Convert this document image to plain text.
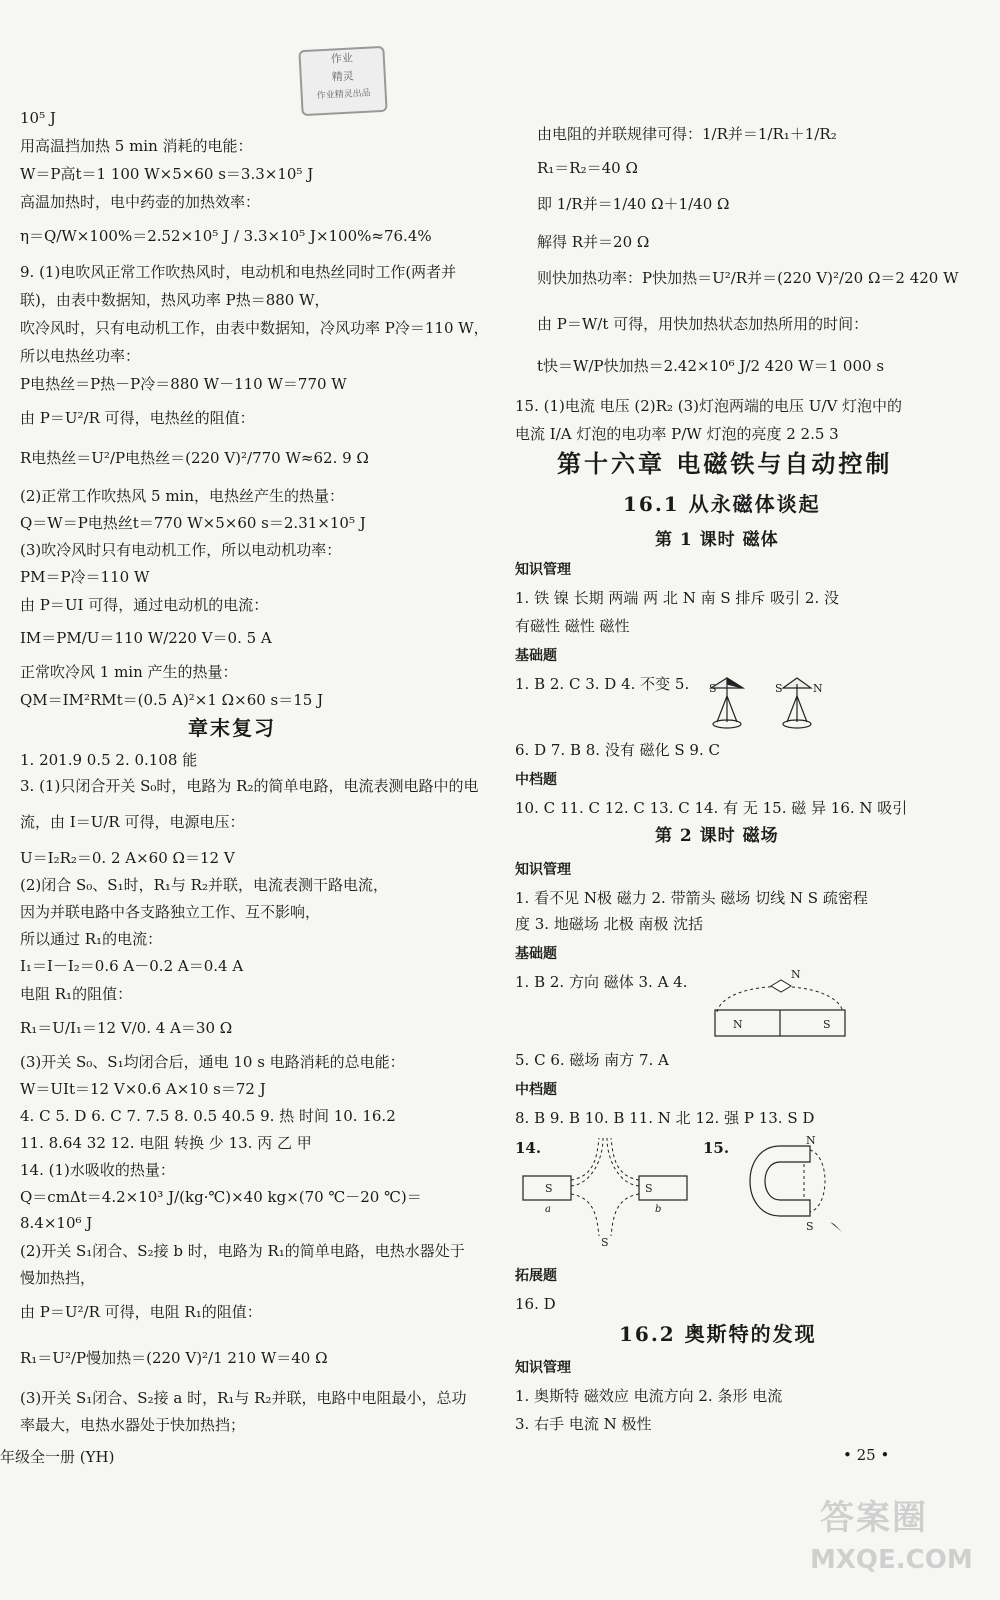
作业
精灵
作业精灵出品
10⁵ J
用高温挡加热 5 min 消耗的电能：
W＝P高t＝1 100 W×5×60 s＝3.3×10⁵ J
高温加热时，电中药壶的加热效率：
η＝Q/W×100%＝2.52×10⁵ J / 3.3×10⁵ J×100%≈76.4%
9. (1)电吹风正常工作吹热风时，电动机和电热丝同时工作(两者并
联)，由表中数据知，热风功率 P热＝880 W，
吹冷风时，只有电动机工作，由表中数据知，冷风功率 P冷＝110 W，
所以电热丝功率：
P电热丝＝P热－P冷＝880 W－110 W＝770 W
由 P＝U²/R 可得，电热丝的阻值：
R电热丝＝U²/P电热丝＝(220 V)²/770 W≈62. 9 Ω
(2)正常工作吹热风 5 min，电热丝产生的热量：
Q＝W＝P电热丝t＝770 W×5×60 s＝2.31×10⁵ J
(3)吹冷风时只有电动机工作，所以电动机功率：
PM＝P冷＝110 W
由 P＝UI 可得，通过电动机的电流：
IM＝PM/U＝110 W/220 V＝0. 5 A
正常吹冷风 1 min 产生的热量：
QM＝IM²RMt＝(0.5 A)²×1 Ω×60 s＝15 J
章末复习
1. 201.9 0.5 2. 0.108 能
3. (1)只闭合开关 S₀时，电路为 R₂的简单电路，电流表测电路中的电
流，由 I＝U/R 可得，电源电压：
U＝I₂R₂＝0. 2 A×60 Ω＝12 V
(2)闭合 S₀、S₁时，R₁与 R₂并联，电流表测干路电流，
因为并联电路中各支路独立工作、互不影响，
所以通过 R₁的电流：
I₁＝I－I₂＝0.6 A－0.2 A＝0.4 A
电阻 R₁的阻值：
R₁＝U/I₁＝12 V/0. 4 A＝30 Ω
(3)开关 S₀、S₁均闭合后，通电 10 s 电路消耗的总电能：
W＝UIt＝12 V×0.6 A×10 s＝72 J
4. C 5. D 6. C 7. 7.5 8. 0.5 40.5 9. 热 时间 10. 16.2
11. 8.64 32 12. 电阻 转换 少 13. 丙 乙 甲
14. (1)水吸收的热量：
Q＝cmΔt＝4.2×10³ J/(kg·℃)×40 kg×(70 ℃－20 ℃)＝
8.4×10⁶ J
(2)开关 S₁闭合、S₂接 b 时，电路为 R₁的简单电路，电热水器处于
慢加热挡，
由 P＝U²/R 可得，电阻 R₁的阻值：
R₁＝U²/P慢加热＝(220 V)²/1 210 W＝40 Ω
(3)开关 S₁闭合、S₂接 a 时，R₁与 R₂并联，电路中电阻最小，总功
率最大，电热水器处于快加热挡；
年级全一册 (YH)
由电阻的并联规律可得：1/R并＝1/R₁＋1/R₂
R₁＝R₂＝40 Ω
即 1/R并＝1/40 Ω＋1/40 Ω
解得 R并＝20 Ω
则快加热功率：P快加热＝U²/R并＝(220 V)²/20 Ω＝2 420 W
由 P＝W/t 可得，用快加热状态加热所用的时间：
t快＝W/P快加热＝2.42×10⁶ J/2 420 W＝1 000 s
15. (1)电流 电压 (2)R₂ (3)灯泡两端的电压 U/V 灯泡中的
电流 I/A 灯泡的电功率 P/W 灯泡的亮度 2 2.5 3
第十六章 电磁铁与自动控制
16.1 从永磁体谈起
第 1 课时 磁体
知识管理
1. 铁 镍 长期 两端 两 北 N 南 S 排斥 吸引 2. 没
有磁性 磁性 磁性
基础题
1. B 2. C 3. D 4. 不变 5. S	S	N
6. D 7. B 8. 没有 磁化 S 9. C
中档题
10. C 11. C 12. C 13. C 14. 有 无 15. 磁 异 16. N 吸引
第 2 课时 磁场
知识管理
1. 看不见 N极 磁力 2. 带箭头 磁场 切线 N S 疏密程
度 3. 地磁场 北极 南极 沈括
基础题
1. B 2. 方向 磁体 3. A 4.
N	S
N
5. C 6. 磁场 南方 7. A
中档题
8. B 9. B 10. B 11. N 北 12. 强 P 13. S D
14.	15.
S	S
a	b
S
N
S
拓展题
16. D
16.2 奥斯特的发现
知识管理
1. 奥斯特 磁效应 电流方向 2. 条形 电流
3. 右手 电流 N 极性
• 25 •
答案圈
MXQE.COM
